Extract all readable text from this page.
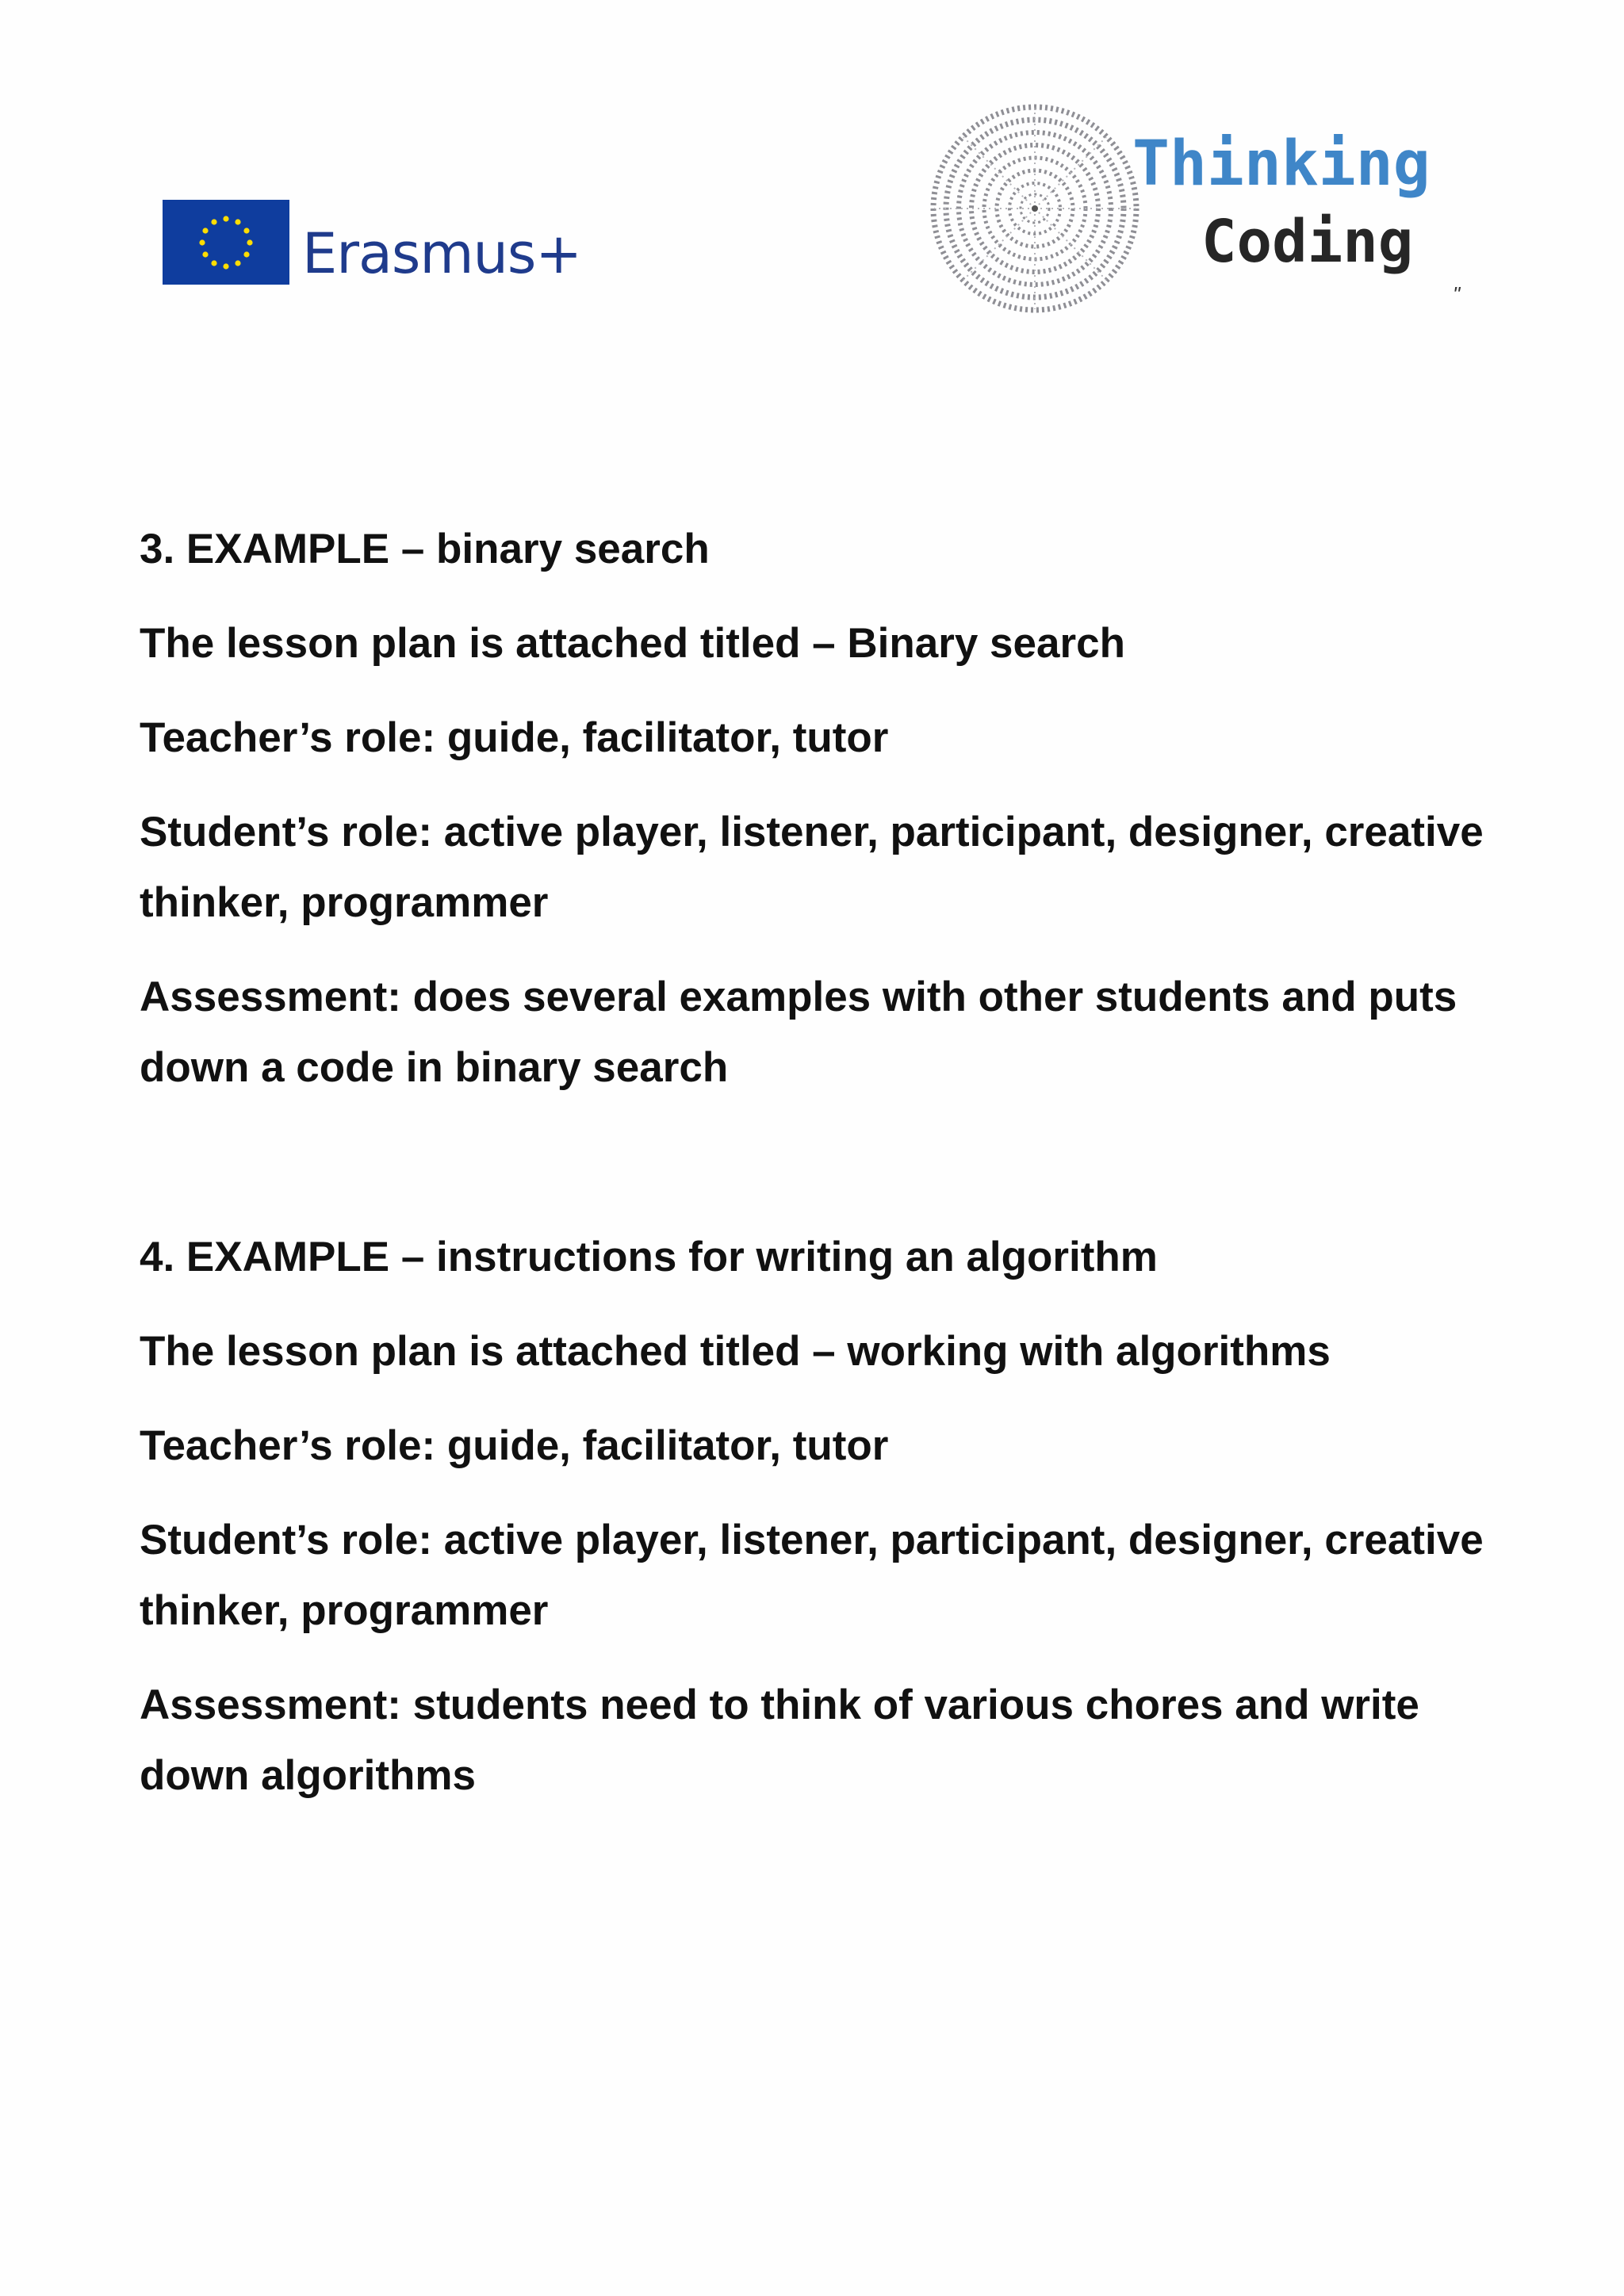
Erasmus+
Thinking
Coding
"

3. EXAMPLE – binary search

The lesson plan is attached titled – Binary search

Teacher’s role: guide, facilitator, tutor

Student’s role: active player, listener, participant, designer, creative thinker, programmer

Assessment: does several examples with other students and puts down a code in binary search

4. EXAMPLE – instructions for writing an algorithm

The lesson plan is attached titled – working with algorithms

Teacher’s role: guide, facilitator, tutor

Student’s role: active player, listener, participant, designer, creative thinker, programmer

Assessment: students need to think of various chores and write down algorithms
